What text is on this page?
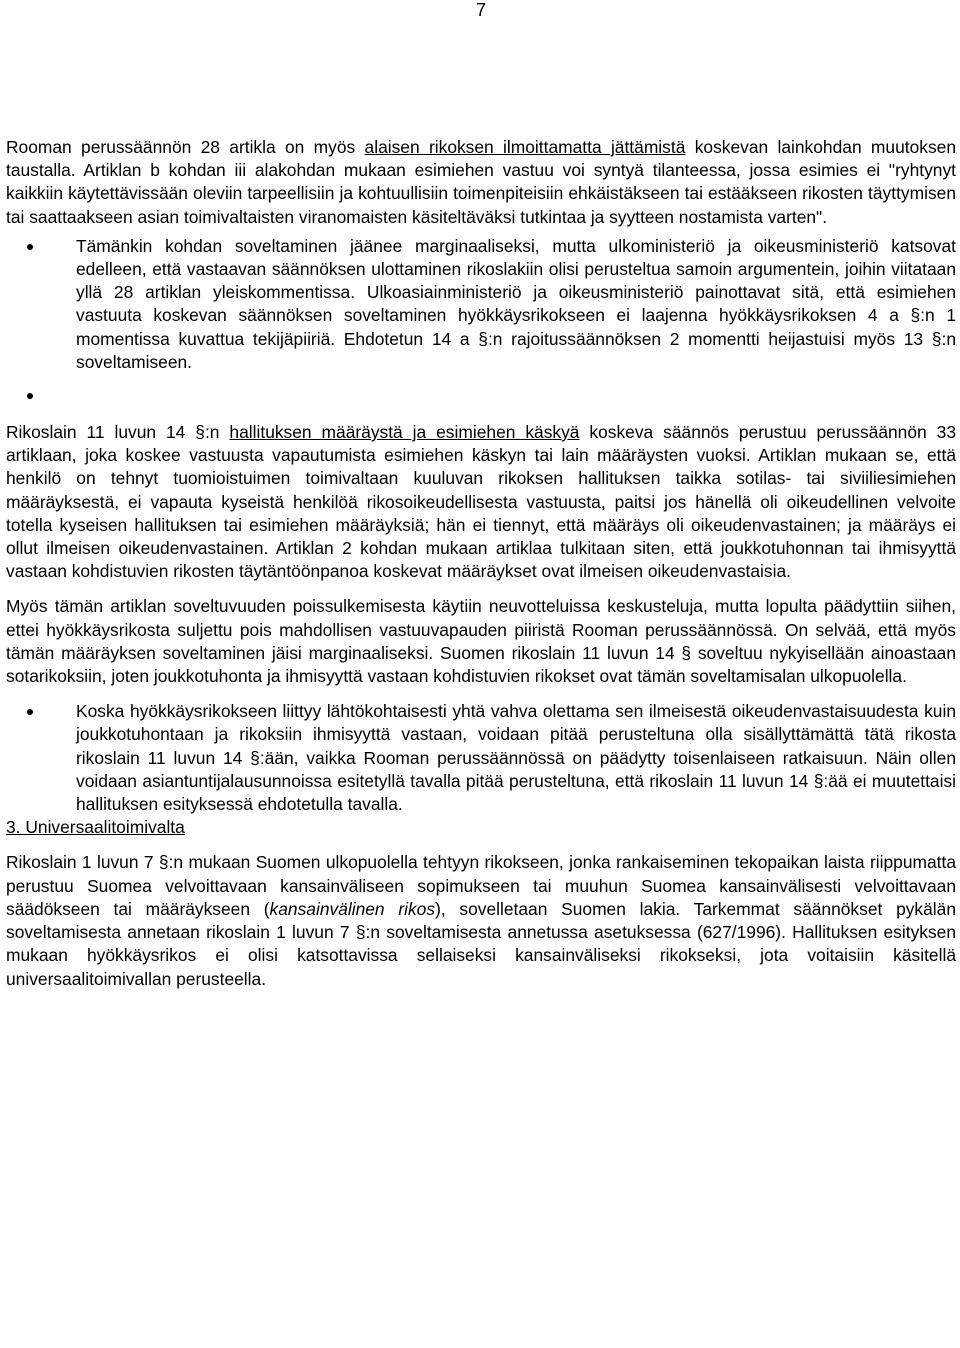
7

Rooman perussäännön 28 artikla on myös alaisen rikoksen ilmoittamatta jättämistä koskevan lainkohdan muutoksen taustalla. Artiklan b kohdan iii alakohdan mukaan esimiehen vastuu voi syntyä tilanteessa, jossa esimies ei "ryhtynyt kaikkiin käytettävissään oleviin tarpeellisiin ja kohtuullisiin toimenpiteisiin ehkäistäkseen tai estääkseen rikosten täyttymisen tai saattaakseen asian toimivaltaisten viranomaisten käsiteltäväksi tutkintaa ja syytteen nostamista varten".

Tämänkin kohdan soveltaminen jäänee marginaaliseksi, mutta ulkoministeriö ja oikeusministeriö katsovat edelleen, että vastaavan säännöksen ulottaminen rikoslakiin olisi perusteltua samoin argumentein, joihin viitataan yllä 28 artiklan yleiskommentissa. Ulkoasiainministeriö ja oikeusministeriö painottavat sitä, että esimiehen vastuuta koskevan säännöksen soveltaminen hyökkäysrikokseen ei laajenna hyökkäysrikoksen 4 a §:n 1 momentissa kuvattua tekijäpiiriä. Ehdotetun 14 a §:n rajoitussäännöksen 2 momentti heijastuisi myös 13 §:n soveltamiseen.

Rikoslain 11 luvun 14 §:n hallituksen määräystä ja esimiehen käskyä koskeva säännös perustuu perussäännön 33 artiklaan, joka koskee vastuusta vapautumista esimiehen käskyn tai lain määräysten vuoksi. Artiklan mukaan se, että henkilö on tehnyt tuomioistuimen toimivaltaan kuuluvan rikoksen hallituksen taikka sotilas- tai siviiliesimiehen määräyksestä, ei vapauta kyseistä henkilöä rikosoikeudellisesta vastuusta, paitsi jos hänellä oli oikeudellinen velvoite totella kyseisen hallituksen tai esimiehen määräyksiä; hän ei tiennyt, että määräys oli oikeudenvastainen; ja määräys ei ollut ilmeisen oikeudenvastainen. Artiklan 2 kohdan mukaan artiklaa tulkitaan siten, että joukkotuhonnan tai ihmisyyttä vastaan kohdistuvien rikosten täytäntöönpanoa koskevat määräykset ovat ilmeisen oikeudenvastaisia.

Myös tämän artiklan soveltuvuuden poissulkemisesta käytiin neuvotteluissa keskusteluja, mutta lopulta päädyttiin siihen, ettei hyökkäysrikosta suljettu pois mahdollisen vastuuvapauden piiristä Rooman perussäännössä. On selvää, että myös tämän määräyksen soveltaminen jäisi marginaaliseksi. Suomen rikoslain 11 luvun 14 § soveltuu nykyisellään ainoastaan sotarikoksiin, joten joukkotuhonta ja ihmisyyttä vastaan kohdistuvien rikokset ovat tämän soveltamisalan ulkopuolella.

Koska hyökkäysrikokseen liittyy lähtökohtaisesti yhtä vahva olettama sen ilmeisestä oikeudenvastaisuudesta kuin joukkotuhontaan ja rikoksiin ihmisyyttä vastaan, voidaan pitää perusteltuna olla sisällyttämättä tätä rikosta rikoslain 11 luvun 14 §:ään, vaikka Rooman perussäännössä on päädytty toisenlaiseen ratkaisuun. Näin ollen voidaan asiantuntijalausunnoissa esitetyllä tavalla pitää perusteltuna, että rikoslain 11 luvun 14 §:ää ei muutettaisi hallituksen esityksessä ehdotetulla tavalla.

3. Universaalitoimivalta

Rikoslain 1 luvun 7 §:n mukaan Suomen ulkopuolella tehtyyn rikokseen, jonka rankaiseminen tekopaikan laista riippumatta perustuu Suomea velvoittavaan kansainväliseen sopimukseen tai muuhun Suomea kansainvälisesti velvoittavaan säädökseen tai määräykseen (kansainvälinen rikos), sovelletaan Suomen lakia. Tarkemmat säännökset pykälän soveltamisesta annetaan rikoslain 1 luvun 7 §:n soveltamisesta annetussa asetuksessa (627/1996). Hallituksen esityksen mukaan hyökkäysrikos ei olisi katsottavissa sellaiseksi kansainväliseksi rikokseksi, jota voitaisiin käsitellä universaalitoimivallan perusteella.
